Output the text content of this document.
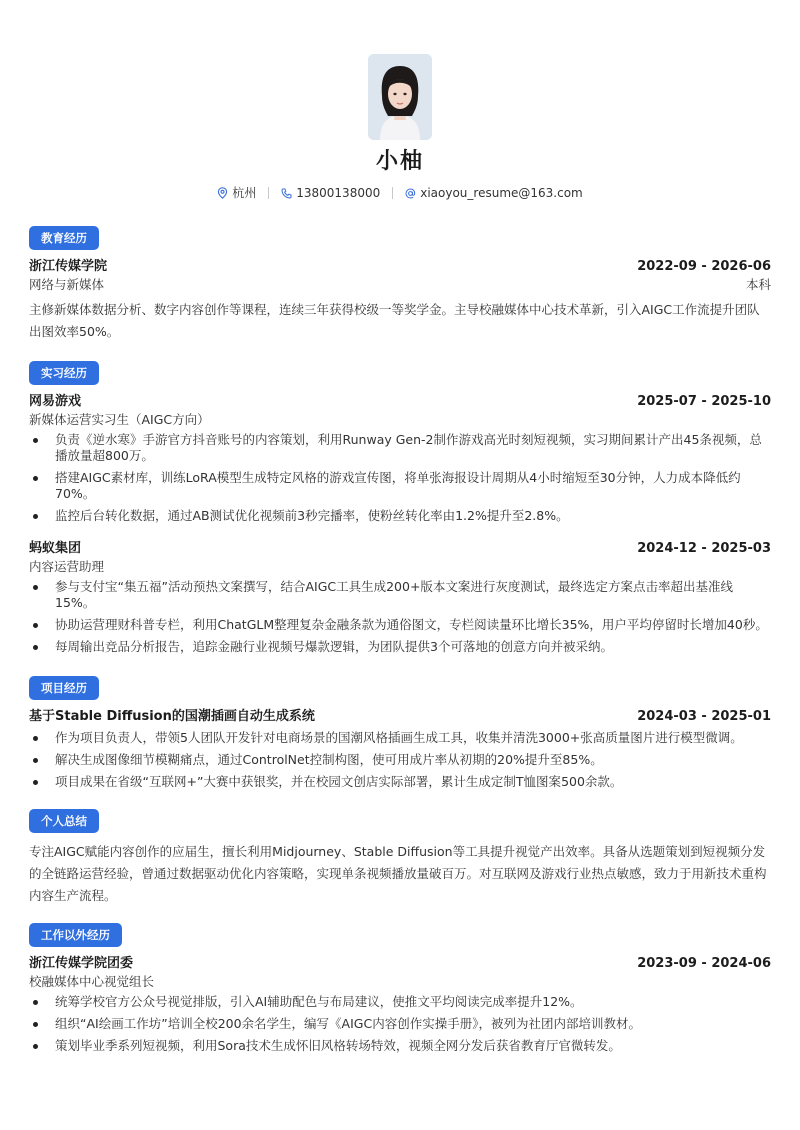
小柚
杭州	13800138000	xiaoyou_resume@163.com
教育经历
浙江传媒学院	2022-09 - 2026-06
网络与新媒体	本科
主修新媒体数据分析、数字内容创作等课程，连续三年获得校级一等奖学金。主导校融媒体中心技术革新，引入AIGC工作流提升团队出图效率50%。
实习经历
网易游戏	2025-07 - 2025-10
新媒体运营实习生（AIGC方向）
负责《逆水寒》手游官方抖音账号的内容策划，利用Runway Gen-2制作游戏高光时刻短视频，实习期间累计产出45条视频，总播放量超800万。
搭建AIGC素材库，训练LoRA模型生成特定风格的游戏宣传图，将单张海报设计周期从4小时缩短至30分钟，人力成本降低约70%。
监控后台转化数据，通过AB测试优化视频前3秒完播率，使粉丝转化率由1.2%提升至2.8%。
蚂蚁集团	2024-12 - 2025-03
内容运营助理
参与支付宝“集五福”活动预热文案撰写，结合AIGC工具生成200+版本文案进行灰度测试，最终选定方案点击率超出基准线15%。
协助运营理财科普专栏，利用ChatGLM整理复杂金融条款为通俗图文，专栏阅读量环比增长35%，用户平均停留时长增加40秒。
每周输出竞品分析报告，追踪金融行业视频号爆款逻辑，为团队提供3个可落地的创意方向并被采纳。
项目经历
基于Stable Diffusion的国潮插画自动生成系统	2024-03 - 2025-01
作为项目负责人，带领5人团队开发针对电商场景的国潮风格插画生成工具，收集并清洗3000+张高质量图片进行模型微调。
解决生成图像细节模糊痛点，通过ControlNet控制构图，使可用成片率从初期的20%提升至85%。
项目成果在省级“互联网+”大赛中获银奖，并在校园文创店实际部署，累计生成定制T恤图案500余款。
个人总结
专注AIGC赋能内容创作的应届生，擅长利用Midjourney、Stable Diffusion等工具提升视觉产出效率。具备从选题策划到短视频分发的全链路运营经验，曾通过数据驱动优化内容策略，实现单条视频播放量破百万。对互联网及游戏行业热点敏感，致力于用新技术重构内容生产流程。
工作以外经历
浙江传媒学院团委	2023-09 - 2024-06
校融媒体中心视觉组长
统筹学校官方公众号视觉排版，引入AI辅助配色与布局建议，使推文平均阅读完成率提升12%。
组织“AI绘画工作坊”培训全校200余名学生，编写《AIGC内容创作实操手册》，被列为社团内部培训教材。
策划毕业季系列短视频，利用Sora技术生成怀旧风格转场特效，视频全网分发后获省教育厅官微转发。
